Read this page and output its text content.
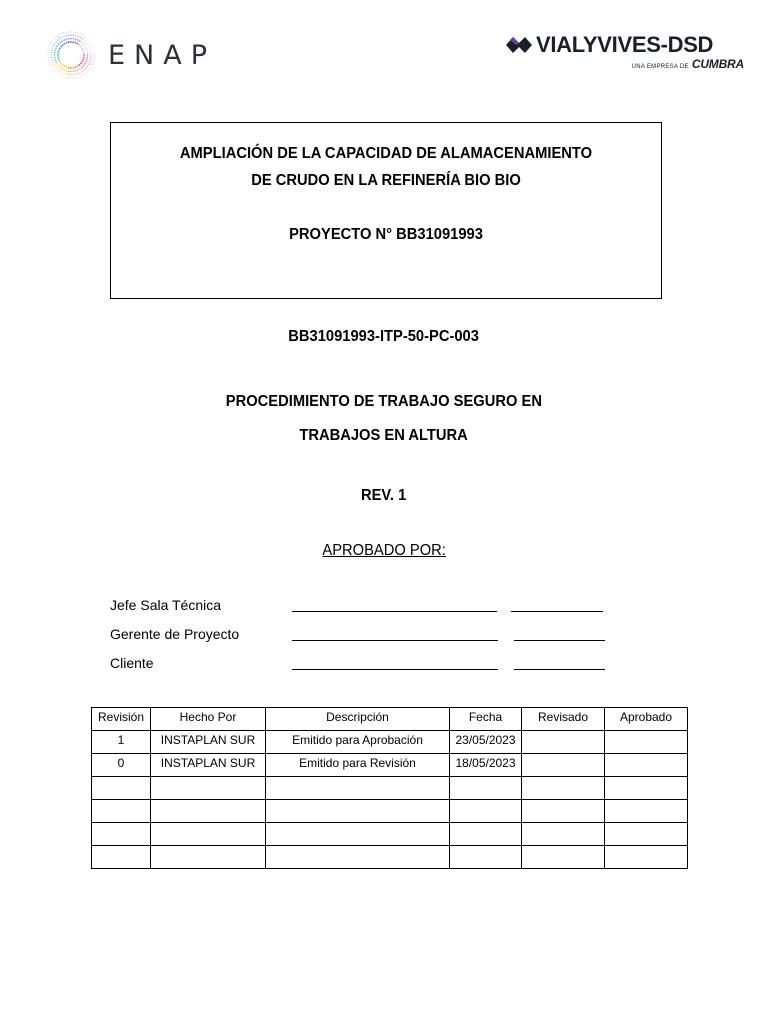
ENAP	VIALYVIVES-DSD
UNA EMPRESA DE CUMBRA
AMPLIACIÓN DE LA CAPACIDAD DE ALAMACENAMIENTO
DE CRUDO EN LA REFINERÍA BIO BIO
PROYECTO N° BB31091993
BB31091993-ITP-50-PC-003
PROCEDIMIENTO DE TRABAJO SEGURO EN
TRABAJOS EN ALTURA
REV. 1
APROBADO POR:
Jefe Sala Técnica
Gerente de Proyecto
Cliente
Revisión	Hecho Por	Descripción	Fecha	Revisado	Aprobado
1	INSTAPLAN SUR	Emitido para Aprobación	23/05/2023		
0	INSTAPLAN SUR	Emitido para Revisión	18/05/2023		
